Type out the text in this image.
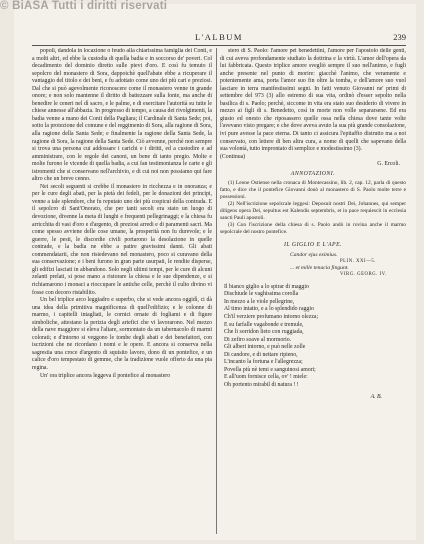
L'ALBUM	239

popoli, dandola in locazione o feudo alla chiarissima famiglia dei Conti, e a molti altri, ed ebbe la custodia di quella badia e in soccorso de' poveri. Col decadimento del dominio diretto sulle pievi d'oro. E così fu temuto il sepolcro del monastero di Sora, dappoichè quell'abate ebbe a ricuperare il vantaggio del titolo e dei beni, e fu adottato come uno dei più cari e preziosi. Dal che si può agevolmente riconoscere come il monastero venne in grande onore; e non solo mantenne il diritto di battezzare sulla fonte, ma anche di benedire le ceneri nel dì sacro, e le palme, e di esercitare l'autorità su tutte le chiese annesse all'abbazia. In progresso di tempo, a causa dei rivolgimenti, la badia venne a mano dei Conti della Pagliara; il Cardinale di Santa Sede; poi, sotto la protezione del comune e del reggimento di Sora, alla ragione di Sora, alla ragione della Santa Sede; e finalmente la ragione della Santa Sede, la ragione di Sora, la ragione della Santa Sede. Ciò avvenne, perchè non sempre si trova una persona cui addossare i carichi e i diritti, ed a custodire e ad amministrare, con le regole dei canoni, un bene di tanto pregio. Molte e molte furono le vicende di quella badia, a cui fan testimonianza le carte e gli istromenti che si conservano nell'archivio, e di cui noi non possiamo qui fare altro che un breve cenno.

Nei secoli seguenti si crebbe il monastero in ricchezza e in onoranza; e per le cure degli abati, per la pietà dei fedeli, per le donazioni dei principi, venne a tale splendore, che fu reputato uno dei più cospicui della contrada. E il sepolcro di Sant'Onorato, che per tanti secoli era stato un luogo di devozione, divenne la meta di lunghi e frequenti pellegrinaggi; e la chiesa fu arricchita di vasi d'oro e d'argento, di preziosi arredi e di paramenti sacri. Ma come spesso avviene delle cose umane, la prosperità non fu durevole; e le guerre, le pesti, le discordie civili portarono la desolazione in quelle contrade, e la badia ne ebbe a patire gravissimi danni. Gli abati commendatarii, che non risiedevano nel monastero, poco si curavano della sua conservazione; e i beni furono in gran parte usurpati, le rendite disperse, gli edifizi lasciati in abbandono. Solo negli ultimi tempi, per le cure di alcuni zelanti prelati, si pose mano a ristorare la chiesa e le sue dipendenze, e si richiamarono i monaci a rioccupare le antiche celle, perchè il culto divino vi fosse con decoro ristabilito.

Un bel triplice arco leggiadro e superbo, che si vede ancora oggidì, ci dà una idea della primitiva magnificenza di quell'edifizio; e le colonne di marmo, i capitelli intagliati, le cornici ornate di fogliami e di figure simboliche, attestano la perizia degli artefici che vi lavorarono. Nel mezzo della nave maggiore si eleva l'altare, sormontato da un tabernacolo di marmi colorati; e d'intorno si veggono le tombe degli abati e dei benefattori, con iscrizioni che ne ricordano i nomi e le opere. E ancora si conserva nella sagrestia una croce d'argento di squisito lavoro, dono di un pontefice, e un calice d'oro tempestato di gemme, che la tradizione vuole offerto da una pia regina.

Un' ora triplice ancora leggeva il pontefice al monastero

stero di S. Paolo: l'amore pei benedettini, l'amore per l'apostolo delle genti, di cui aveva profondamente studiato la dottrina e la virtù. L'amor dell'opera da lui fabbricata. Questo triplice amore svegliò sempre il suo nell'animo, e fugli anche presente nel punto di morire: giacchè l'animo, che veramente e potentemente ama, porta l'amor suo fin oltre la tomba, e dell'amore suo vuol lasciare in terra manifestissimi segni. In fatti venuto Giovanni ne' primi di settembre del 973 (3) allo estremo di sua vita, ordinò d'esser sepolto nella basilica di s. Paolo; perchè, siccome in vita era stato suo desiderio di vivere in mezzo ai figli di s. Benedetto, così in morte non volle separarsene. Ed era giusto ed onesto che riposassero quelle ossa nella chiesa dove tante volte l'avevano visto pregare; e che dove aveva avuto la sua più grande consolazione, ivi pure avesse la pace eterna. Di tanto ci assicura l'epitaffio distrutto ma a noi conservato, con lettere di ben altra cura, a nome di quelli che sapevano della sua volontà, tutto improntato di semplice e modestissimo (3).

(Continua)

G. Ercoli.

ANNOTAZIONI.

(1) Leone Ostiense nella cronaca di Montecassino, lib. 2, cap. 12, parla di questo fatto, e dice che il pontefice Giovanni donò al monastero di S. Paolo molte terre e possessioni.

(2) Nell'iscrizione sepolcrale leggesi: Deposuit nostri Dei, Johannes, qui semper diligens opera Dei, sepultus est Kalendis septembris, et in pace requiescit in ecclesia sancti Pauli apostoli.

(3) Con l'iscrizione della chiesa di s. Paolo andò in rovina anche il marmo sepolcrale del nostro pontefice.

IL GIGLIO E L'APE.

Candor ejus eximius.

PLIN. XXI—5.

... et mille tenacia fingunt.

VIRG. GEORG. IV.

Il bianco giglio a lo spirar di maggio
Dischiude le vaghissima corolla
In mezzo a le viole pellegrine,
Al timo intatto, e a lo splendido raggio
Ch'il verziere profumano intorno olezza;
E su farfalle vagabonde e tremule,
Che li sorridon lieto con ruggiada,
Di zefiro soave al mormorio.
Gli alberi intorno, e può nelle zolle
Di candore, e di nettare ripieno,
L'incanto la fortuna e l'allegrezza;
Povella più nè temi e sanguinosi amori;
E all'uom fornisce cella, ov' ! miele:
Oh portento mirabil di natura ! !

A. B.

© BiASA Tutti i diritti riservati
